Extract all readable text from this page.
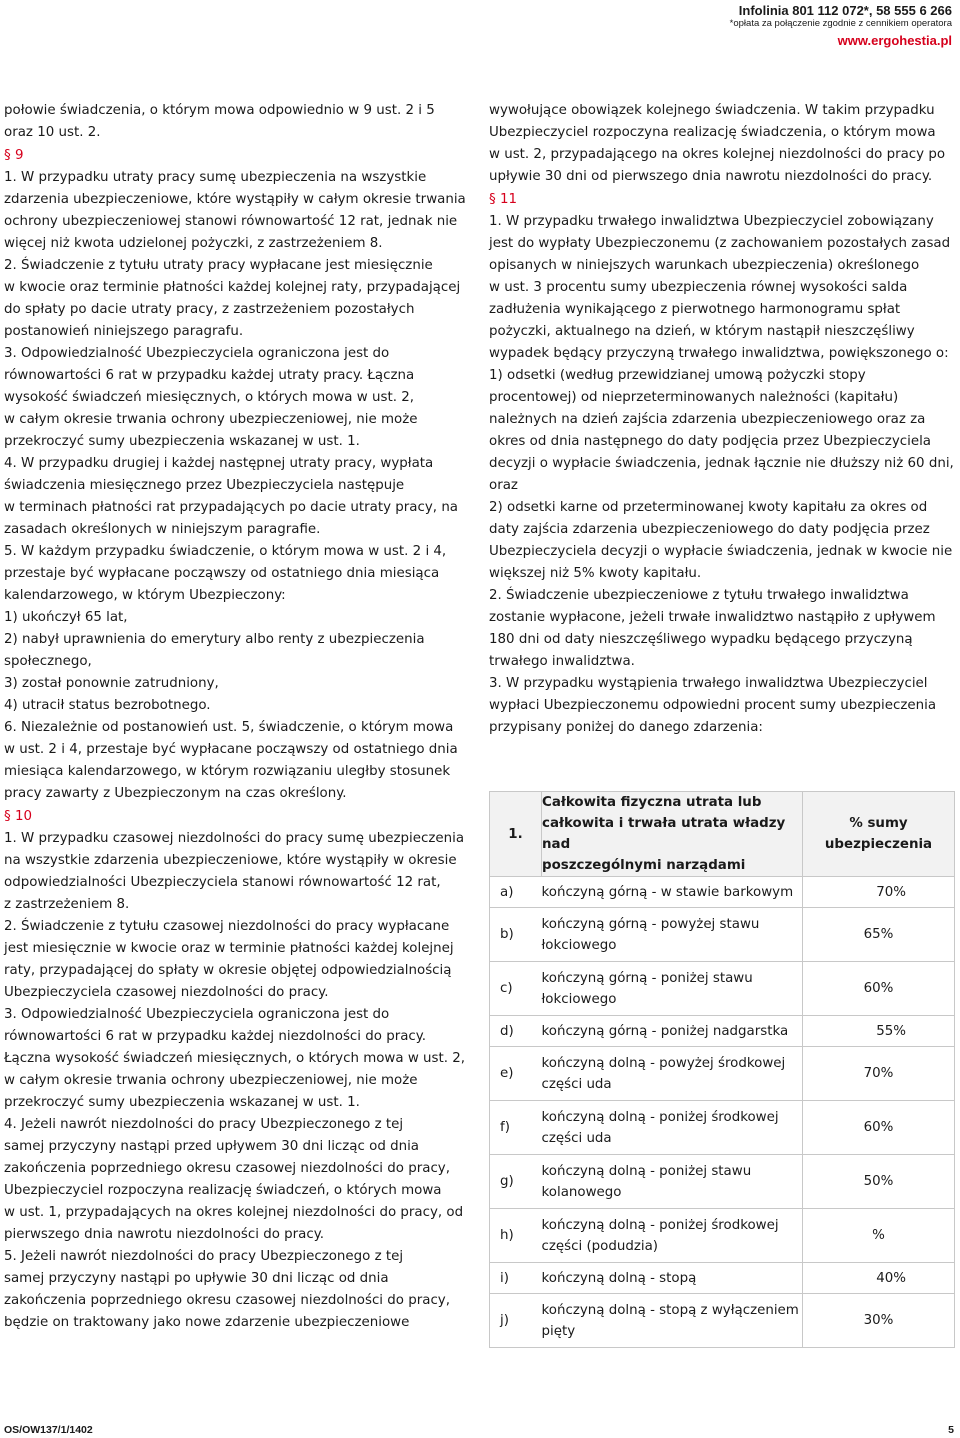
Infolinia 801 112 072*, 58 555 6 266
*opłata za połączenie zgodnie z cennikiem operatora
www.ergohestia.pl

połowie świadczenia, o którym mowa odpowiednio w 9 ust. 2 i 5

oraz 10 ust. 2.

§ 9

1. W przypadku utraty pracy sumę ubezpieczenia na wszystkie

zdarzenia ubezpieczeniowe, które wystąpiły w całym okresie trwania

ochrony ubezpieczeniowej stanowi równowartość 12 rat, jednak nie

więcej niż kwota udzielonej pożyczki, z zastrzeżeniem 8.

2. Świadczenie z tytułu utraty pracy wypłacane jest miesięcznie

w kwocie oraz terminie płatności każdej kolejnej raty, przypadającej

do spłaty po dacie utraty pracy, z zastrzeżeniem pozostałych

postanowień niniejszego paragrafu.

3. Odpowiedzialność Ubezpieczyciela ograniczona jest do

równowartości 6 rat w przypadku każdej utraty pracy. Łączna

wysokość świadczeń miesięcznych, o których mowa w ust. 2,

w całym okresie trwania ochrony ubezpieczeniowej, nie może

przekroczyć sumy ubezpieczenia wskazanej w ust. 1.

4. W przypadku drugiej i każdej następnej utraty pracy, wypłata

świadczenia miesięcznego przez Ubezpieczyciela następuje

w terminach płatności rat przypadających po dacie utraty pracy, na

zasadach określonych w niniejszym paragrafie.

5. W każdym przypadku świadczenie, o którym mowa w ust. 2 i 4,

przestaje być wypłacane począwszy od ostatniego dnia miesiąca

kalendarzowego, w którym Ubezpieczony:

1) ukończył 65 lat,

2) nabył uprawnienia do emerytury albo renty z ubezpieczenia

społecznego,

3) został ponownie zatrudniony,

4) utracił status bezrobotnego.

6. Niezależnie od postanowień ust. 5, świadczenie, o którym mowa

w ust. 2 i 4, przestaje być wypłacane począwszy od ostatniego dnia

miesiąca kalendarzowego, w którym rozwiązaniu uległby stosunek

pracy zawarty z Ubezpieczonym na czas określony.

§ 10

1. W przypadku czasowej niezdolności do pracy sumę ubezpieczenia

na wszystkie zdarzenia ubezpieczeniowe, które wystąpiły w okresie

odpowiedzialności Ubezpieczyciela stanowi równowartość 12 rat,

z zastrzeżeniem 8.

2. Świadczenie z tytułu czasowej niezdolności do pracy wypłacane

jest miesięcznie w kwocie oraz w terminie płatności każdej kolejnej

raty, przypadającej do spłaty w okresie objętej odpowiedzialnością

Ubezpieczyciela czasowej niezdolności do pracy.

3. Odpowiedzialność Ubezpieczyciela ograniczona jest do

równowartości 6 rat w przypadku każdej niezdolności do pracy.

Łączna wysokość świadczeń miesięcznych, o których mowa w ust. 2,

w całym okresie trwania ochrony ubezpieczeniowej, nie może

przekroczyć sumy ubezpieczenia wskazanej w ust. 1.

4. Jeżeli nawrót niezdolności do pracy Ubezpieczonego z tej

samej przyczyny nastąpi przed upływem 30 dni licząc od dnia

zakończenia poprzedniego okresu czasowej niezdolności do pracy,

Ubezpieczyciel rozpoczyna realizację świadczeń, o których mowa

w ust. 1, przypadających na okres kolejnej niezdolności do pracy, od

pierwszego dnia nawrotu niezdolności do pracy.

5. Jeżeli nawrót niezdolności do pracy Ubezpieczonego z tej

samej przyczyny nastąpi po upływie 30 dni licząc od dnia

zakończenia poprzedniego okresu czasowej niezdolności do pracy,

będzie on traktowany jako nowe zdarzenie ubezpieczeniowe

wywołujące obowiązek kolejnego świadczenia. W takim przypadku

Ubezpieczyciel rozpoczyna realizację świadczenia, o którym mowa

w ust. 2, przypadającego na okres kolejnej niezdolności do pracy po

upływie 30 dni od pierwszego dnia nawrotu niezdolności do pracy.

§ 11

1. W przypadku trwałego inwalidztwa Ubezpieczyciel zobowiązany

jest do wypłaty Ubezpieczonemu (z zachowaniem pozostałych zasad

opisanych w niniejszych warunkach ubezpieczenia) określonego

w ust. 3 procentu sumy ubezpieczenia równej wysokości salda

zadłużenia wynikającego z pierwotnego harmonogramu spłat

pożyczki, aktualnego na dzień, w którym nastąpił nieszczęśliwy

wypadek będący przyczyną trwałego inwalidztwa, powiększonego o:

1) odsetki (według przewidzianej umową pożyczki stopy

procentowej) od nieprzeterminowanych należności (kapitału)

należnych na dzień zajścia zdarzenia ubezpieczeniowego oraz za

okres od dnia następnego do daty podjęcia przez Ubezpieczyciela

decyzji o wypłacie świadczenia, jednak łącznie nie dłuższy niż 60 dni,

oraz

2) odsetki karne od przeterminowanej kwoty kapitału za okres od

daty zajścia zdarzenia ubezpieczeniowego do daty podjęcia przez

Ubezpieczyciela decyzji o wypłacie świadczenia, jednak w kwocie nie

większej niż 5% kwoty kapitału.

2. Świadczenie ubezpieczeniowe z tytułu trwałego inwalidztwa

zostanie wypłacone, jeżeli trwałe inwalidztwo nastąpiło z upływem

180 dni od daty nieszczęśliwego wypadku będącego przyczyną

trwałego inwalidztwa.

3. W przypadku wystąpienia trwałego inwalidztwa Ubezpieczyciel

wypłaci Ubezpieczonemu odpowiedni procent sumy ubezpieczenia

przypisany poniżej do danego zdarzenia:

1.	Całkowita fizyczna utrata lub
całkowita i trwała utrata władzy nad
poszczególnymi narządami	% sumy
ubezpieczenia
a)	kończyną górną - w stawie barkowym	70%
b)	kończyną górną - powyżej stawu
łokciowego	65%
c)	kończyną górną - poniżej stawu
łokciowego	60%
d)	kończyną górną - poniżej nadgarstka	55%
e)	kończyną dolną - powyżej środkowej
części uda	70%
f)	kończyną dolną - poniżej środkowej
części uda	60%
g)	kończyną dolną - poniżej stawu
kolanowego	50%
h)	kończyną dolną - poniżej środkowej
części (podudzia)	%
i)	kończyną dolną - stopą	40%
j)	kończyną dolną - stopą z wyłączeniem
pięty	30%
OS/OW137/1/1402	5
